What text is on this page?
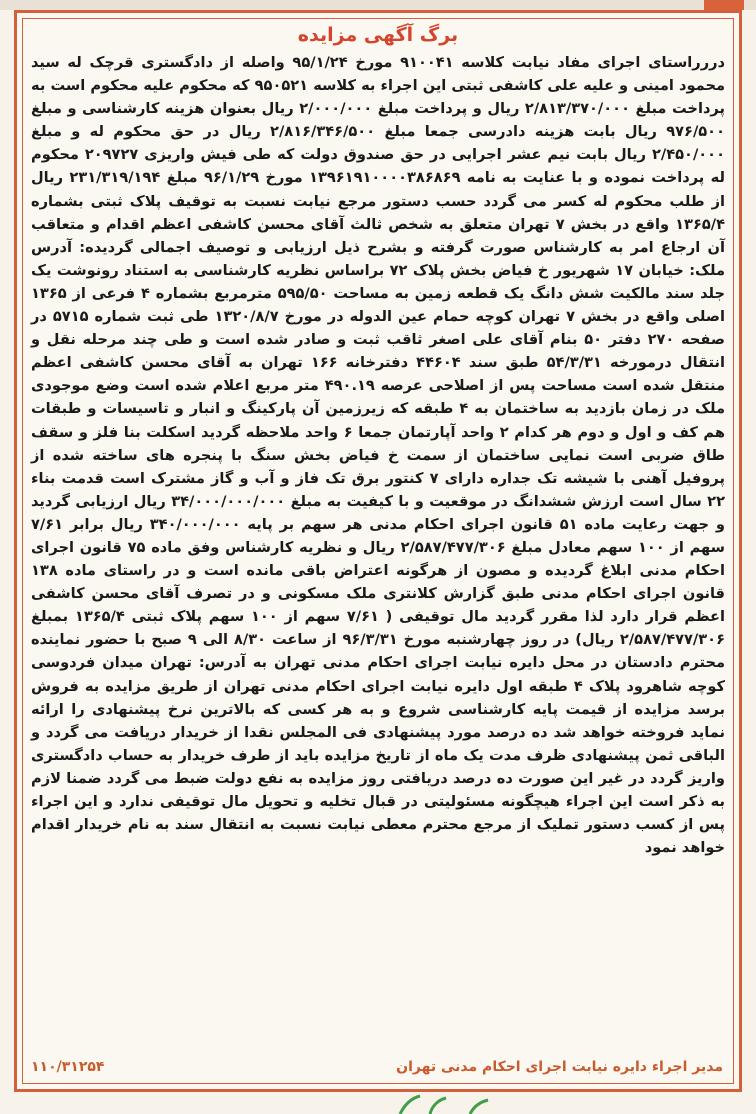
برگ آگهی مزایده

دررراستای اجرای مفاد نیابت کلاسه ۹۱۰۰۴۱ مورخ ۹۵/۱/۲۴ واصله از دادگستری قرچک له سید محمود امینی و علیه علی کاشفی ثبتی این اجراء به کلاسه ۹۵۰۵۲۱ که محکوم علیه محکوم است به پرداخت مبلغ ۲/۸۱۳/۳۷۰/۰۰۰ ریال و پرداخت مبلغ ۲/۰۰۰/۰۰۰ ریال بعنوان هزینه کارشناسی و مبلغ ۹۷۶/۵۰۰ ریال بابت هزینه دادرسی جمعا مبلغ ۲/۸۱۶/۳۴۶/۵۰۰ ریال در حق محکوم له و مبلغ ۲/۴۵۰/۰۰۰ ریال بابت نیم عشر اجرایی در حق صندوق دولت که طی فیش واریزی ۲۰۹۷۲۷ محکوم له پرداخت نموده و با عنایت به نامه ۱۳۹۶۱۹۱۰۰۰۰۳۸۶۸۶۹ مورخ ۹۶/۱/۲۹ مبلغ ۲۳۱/۳۱۹/۱۹۴ ریال از طلب محکوم له کسر می گردد حسب دستور مرجع نیابت نسبت به توقیف پلاک ثبتی بشماره ۱۳۶۵/۴ واقع در بخش ۷ تهران متعلق به شخص ثالث آقای محسن کاشفی اعظم اقدام و متعاقب آن ارجاع امر به کارشناس صورت گرفته و بشرح ذیل ارزیابی و توصیف اجمالی گردیده: آدرس ملک: خیابان ۱۷ شهریور خ فیاض بخش پلاک ۷۲ براساس نظریه کارشناسی به استناد رونوشت یک جلد سند مالکیت شش دانگ یک قطعه زمین به مساحت ۵۹۵/۵۰ مترمربع بشماره ۴ فرعی از ۱۳۶۵ اصلی واقع در بخش ۷ تهران کوچه حمام عین الدوله در مورخ ۱۳۲۰/۸/۷ طی ثبت شماره ۵۷۱۵ در صفحه ۲۷۰ دفتر ۵۰ بنام آقای علی اصغر ثاقب ثبت و صادر شده است و طی چند مرحله نقل و انتقال درمورخه ۵۴/۳/۳۱ طبق سند ۴۴۶۰۴ دفترخانه ۱۶۶ تهران به آقای محسن کاشفی اعظم منتقل شده است مساحت پس از اصلاحی عرصه ۴۹۰.۱۹ متر مربع اعلام شده است وضع موجودی ملک در زمان بازدید به ساختمان به ۴ طبقه که زیرزمین آن پارکینگ و انبار و تاسیسات و طبقات هم کف و اول و دوم هر کدام ۲ واحد آپارتمان جمعا ۶ واحد ملاحظه گردید اسکلت بنا فلز و سقف طاق ضربی است نمایی ساختمان از سمت خ فیاض بخش سنگ با پنجره های ساخته شده از پروفیل آهنی با شیشه تک جداره دارای ۷ کنتور برق تک فاز و آب و گاز مشترک است قدمت بناء ۲۲ سال است ارزش ششدانگ در موقعیت و با کیفیت به مبلغ ۳۴/۰۰۰/۰۰۰/۰۰۰ ریال ارزیابی گردید و جهت رعایت ماده ۵۱ قانون اجرای احکام مدنی هر سهم بر پایه ۳۴۰/۰۰۰/۰۰۰ ریال برابر ۷/۶۱ سهم از ۱۰۰ سهم معادل مبلغ ۲/۵۸۷/۴۷۷/۳۰۶ ریال و نظریه کارشناس وفق ماده ۷۵ قانون اجرای احکام مدنی ابلاغ گردیده و مصون از هرگونه اعتراض باقی مانده است و در راستای ماده ۱۳۸ قانون اجرای احکام مدنی طبق گزارش کلانتری ملک مسکونی و در تصرف آقای محسن کاشفی اعظم قرار دارد لذا مقرر گردید مال توقیفی ( ۷/۶۱ سهم از ۱۰۰ سهم پلاک ثبتی ۱۳۶۵/۴ بمبلغ ۲/۵۸۷/۴۷۷/۳۰۶ ریال) در روز چهارشنبه مورخ ۹۶/۳/۳۱ از ساعت ۸/۳۰ الی ۹ صبح با حضور نماینده محترم دادستان در محل دایره نیابت اجرای احکام مدنی تهران به آدرس: تهران میدان فردوسی کوچه شاهرود پلاک ۴ طبقه اول دایره نیابت اجرای احکام مدنی تهران از طریق مزایده به فروش برسد مزایده از قیمت پایه کارشناسی شروع و به هر کسی که بالاترین نرخ پیشنهادی را ارائه نماید فروخته خواهد شد ده درصد مورد پیشنهادی فی المجلس نقدا از خریدار دریافت می گردد و الباقی ثمن پیشنهادی ظرف مدت یک ماه از تاریخ مزایده باید از طرف خریدار به حساب دادگستری واریز گردد در غیر این صورت ده درصد دریافتی روز مزایده به نفع دولت ضبط می گردد ضمنا لازم به ذکر است این اجراء هیچگونه مسئولیتی در قبال تخلیه و تحویل مال توقیفی ندارد و این اجراء پس از کسب دستور تملیک از مرجع محترم معطی نیابت نسبت به انتقال سند به نام خریدار اقدام خواهد نمود

مدیر اجراء دایره نیابت اجرای احکام مدنی تهران
۱۱۰/۳۱۲۵۴
